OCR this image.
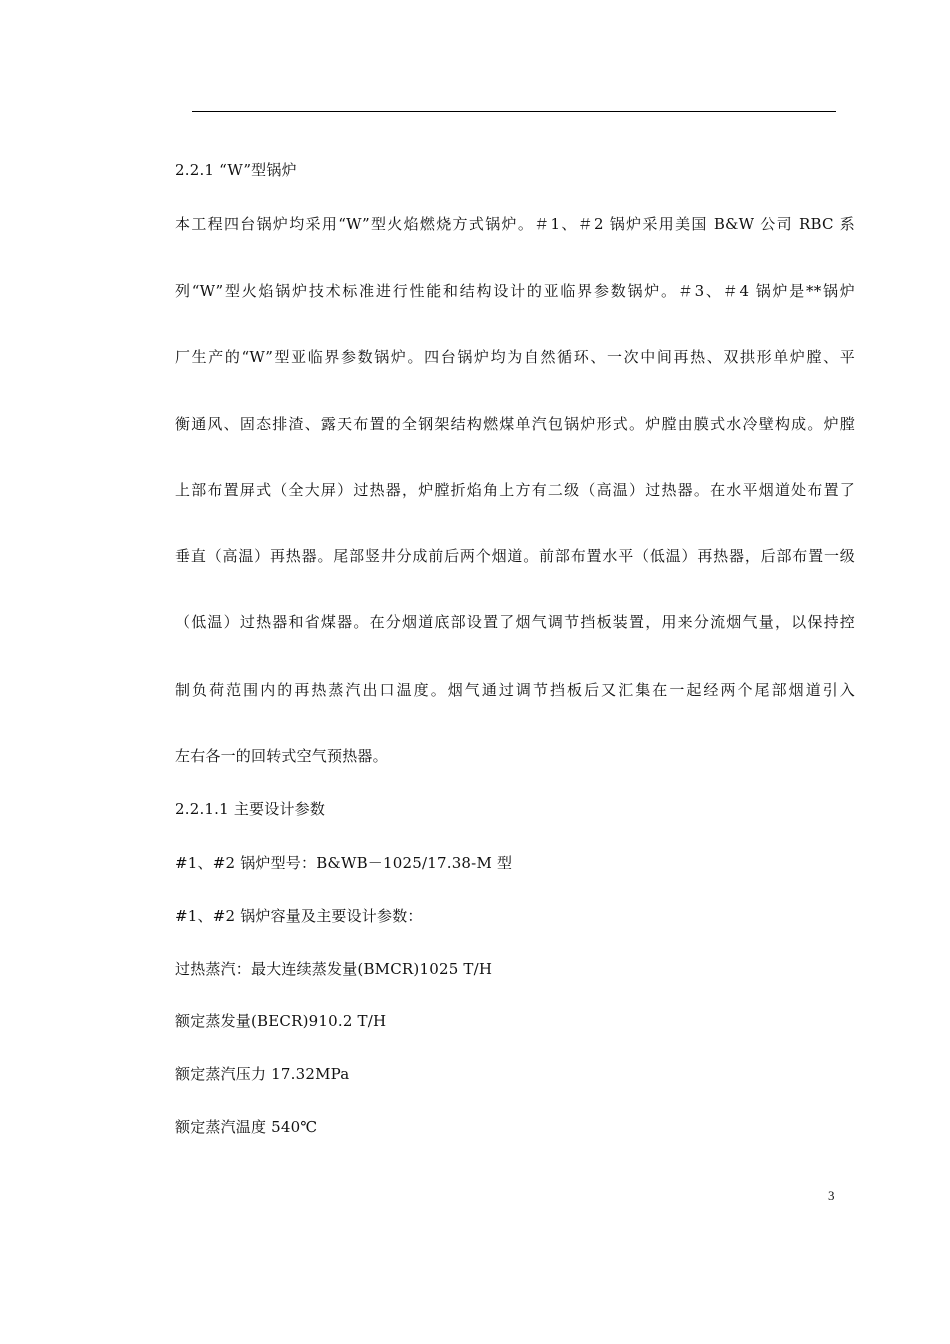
2.2.1 “W”型锅炉
本工程四台锅炉均采用“W”型火焰燃烧方式锅炉。＃1、＃2 锅炉采用美国 B&W 公司 RBC 系
列“W”型火焰锅炉技术标准进行性能和结构设计的亚临界参数锅炉。＃3、＃4 锅炉是**锅炉
厂生产的“W”型亚临界参数锅炉。四台锅炉均为自然循环、一次中间再热、双拱形单炉膛、平
衡通风、固态排渣、露天布置的全钢架结构燃煤单汽包锅炉形式。炉膛由膜式水冷壁构成。炉膛
上部布置屏式（全大屏）过热器，炉膛折焰角上方有二级（高温）过热器。在水平烟道处布置了
垂直（高温）再热器。尾部竖井分成前后两个烟道。前部布置水平（低温）再热器，后部布置一级
（低温）过热器和省煤器。在分烟道底部设置了烟气调节挡板装置，用来分流烟气量，以保持控
制负荷范围内的再热蒸汽出口温度。烟气通过调节挡板后又汇集在一起经两个尾部烟道引入
左右各一的回转式空气预热器。
2.2.1.1 主要设计参数
#1、#2 锅炉型号：B&WB－1025/17.38-M 型
#1、#2 锅炉容量及主要设计参数：
过热蒸汽：最大连续蒸发量(BMCR)1025 T/H
额定蒸发量(BECR)910.2 T/H
额定蒸汽压力 17.32MPa
额定蒸汽温度 540℃
3
